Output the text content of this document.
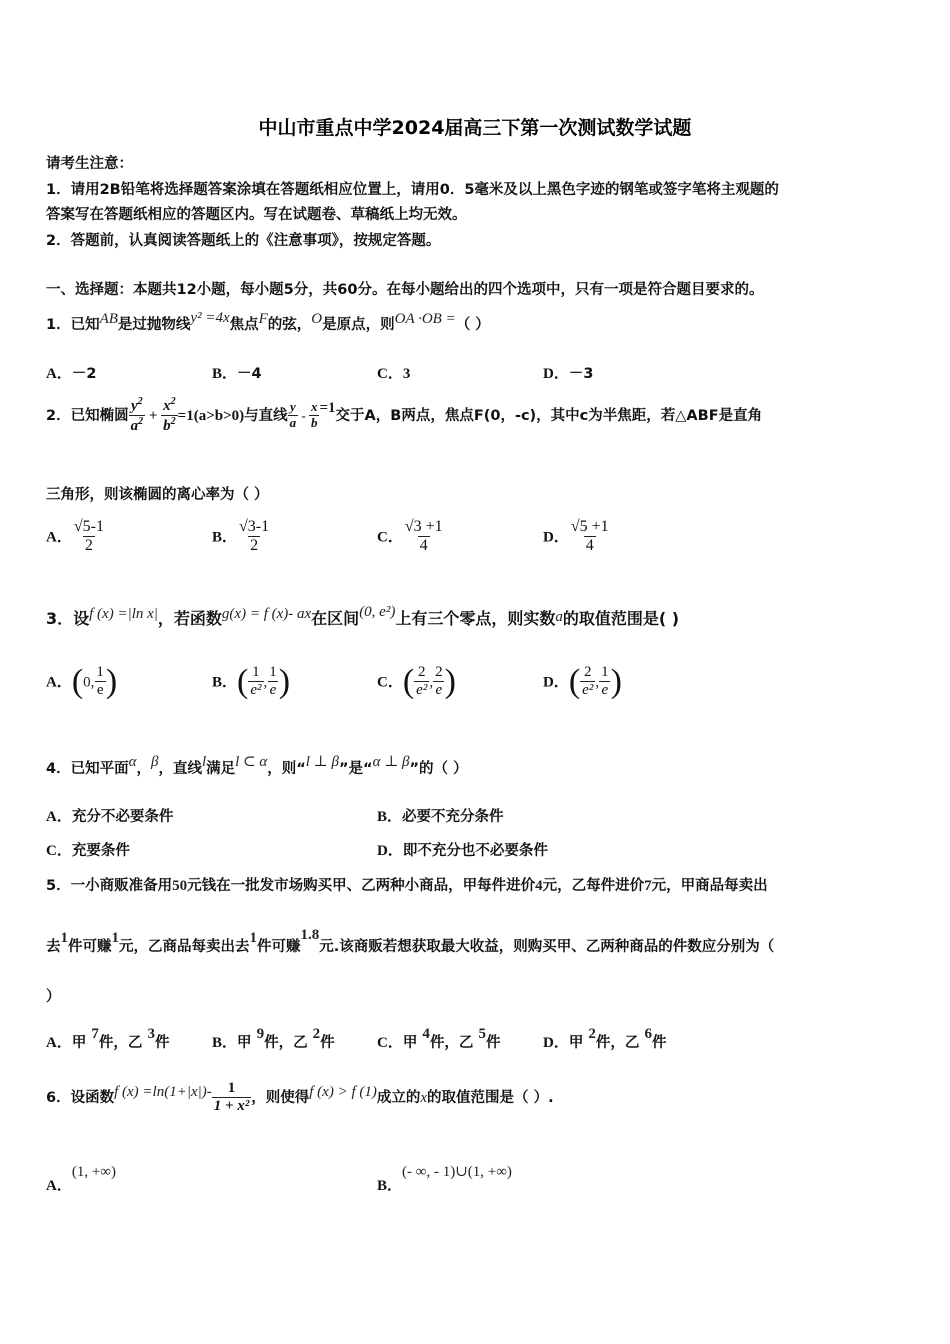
中山市重点中学2024届高三下第一次测试数学试题
请考生注意：
1．请用2B铅笔将选择题答案涂填在答题纸相应位置上，请用0．5毫米及以上黑色字迹的钢笔或签字笔将主观题的
答案写在答题纸相应的答题区内。写在试题卷、草稿纸上均无效。
2．答题前，认真阅读答题纸上的《注意事项》，按规定答题。
一、选择题：本题共12小题，每小题5分，共60分。在每小题给出的四个选项中，只有一项是符合题目要求的。
1．已知AB是过抛物线y² =4x焦点F的弦，O是原点，则OA ·OB =（ ）
A．－2	B．－4	C．3	D．－3
2．已知椭圆 $\frac{y^2}{a^2} + \frac{x^2}{b^2} =1(a>b>0)$与直线 $\frac{y}{a} - \frac{x}{b} =1$交于A，B两点，焦点F(0，-c)，其中c为半焦距，若△ABF是直角
三角形，则该椭圆的离心率为（ ）
A． $\frac{√5-1}{2}$	B． $\frac{√3-1}{2}$	C． $\frac{√3 +1}{4}$	D． $\frac{√5 +1}{4}$
3．设f (x) =|ln x|，若函数g(x) = f (x)- ax在区间(0, e²)上有三个零点，则实数a的取值范围是( )
A．(0, $\frac{1}{e}$ )	B．( $\frac{1}{\text{e²}}$ , $\frac{1}{e}$ )	C．( $\frac{2}{\text{e²}}$ , $\frac{2}{e}$ )	D．( $\frac{2}{\text{e²}}$ , $\frac{1}{e}$ )
4．已知平面α，β，直线l满足l ⊂ α，则“l ⊥ β”是“α ⊥ β”的（ ）
A．充分不必要条件	B．必要不充分条件
C．充要条件	D．即不充分也不必要条件
5．一小商贩准备用50元钱在一批发市场购买甲、乙两种小商品，甲每件进价4元，乙每件进价7元，甲商品每卖出
去1件可赚1元，乙商品每卖出去1件可赚1.8元.该商贩若想获取最大收益，则购买甲、乙两种商品的件数应分别为（
）
A．甲 7件，乙 3件	B．甲 9件，乙 2件	C．甲 4件，乙 5件	D．甲 2件，乙 6件
6．设函数f $(x) =\ln(1+|x|)- \frac{1}{\text{1 + x²}}$ ，则使得f (x) > f (1)成立的x的取值范围是（ ）.
A．(1, +∞)
B．(- ∞, - 1)∪(1, +∞)
